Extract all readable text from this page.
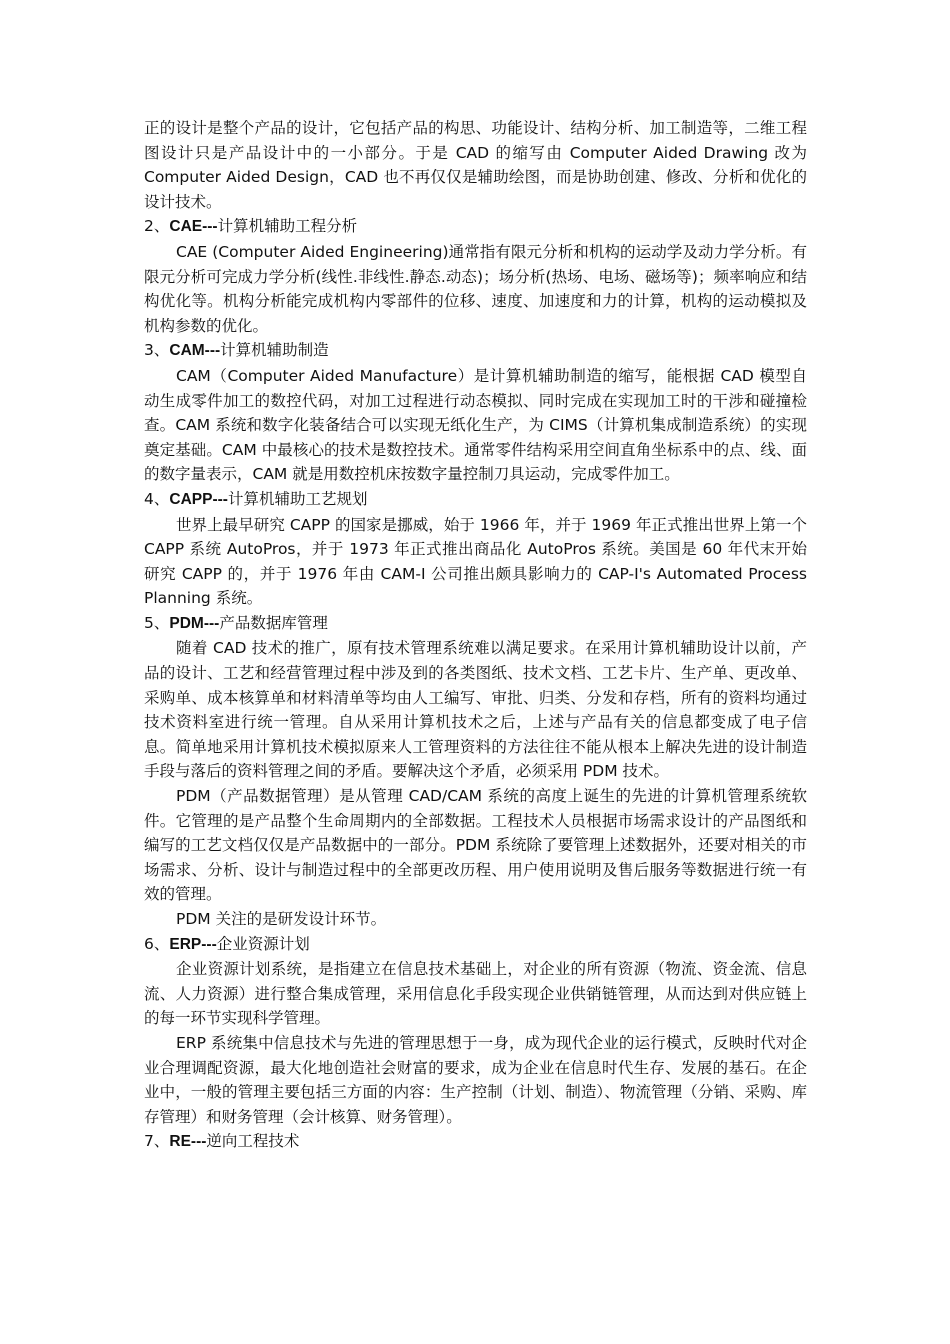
正的设计是整个产品的设计，它包括产品的构思、功能设计、结构分析、加工制造等，二维工程图设计只是产品设计中的一小部分。于是 CAD 的缩写由 Computer Aided Drawing 改为 Computer Aided Design，CAD 也不再仅仅是辅助绘图，而是协助创建、修改、分析和优化的设计技术。

2、CAE---计算机辅助工程分析

CAE (Computer Aided Engineering)通常指有限元分析和机构的运动学及动力学分析。有限元分析可完成力学分析(线性.非线性.静态.动态)；场分析(热场、电场、磁场等)；频率响应和结构优化等。机构分析能完成机构内零部件的位移、速度、加速度和力的计算，机构的运动模拟及机构参数的优化。

3、CAM---计算机辅助制造

CAM（Computer Aided Manufacture）是计算机辅助制造的缩写，能根据 CAD 模型自动生成零件加工的数控代码，对加工过程进行动态模拟、同时完成在实现加工时的干涉和碰撞检查。CAM 系统和数字化装备结合可以实现无纸化生产，为 CIMS（计算机集成制造系统）的实现奠定基础。CAM 中最核心的技术是数控技术。通常零件结构采用空间直角坐标系中的点、线、面的数字量表示，CAM 就是用数控机床按数字量控制刀具运动，完成零件加工。

4、CAPP---计算机辅助工艺规划

世界上最早研究 CAPP 的国家是挪威，始于 1966 年，并于 1969 年正式推出世界上第一个 CAPP 系统 AutoPros，并于 1973 年正式推出商品化 AutoPros 系统。美国是 60 年代末开始研究 CAPP 的，并于 1976 年由 CAM-I 公司推出颇具影响力的 CAP-I's Automated Process Planning 系统。

5、PDM---产品数据库管理

随着 CAD 技术的推广，原有技术管理系统难以满足要求。在采用计算机辅助设计以前，产品的设计、工艺和经营管理过程中涉及到的各类图纸、技术文档、工艺卡片、生产单、更改单、采购单、成本核算单和材料清单等均由人工编写、审批、归类、分发和存档，所有的资料均通过技术资料室进行统一管理。自从采用计算机技术之后，上述与产品有关的信息都变成了电子信息。简单地采用计算机技术模拟原来人工管理资料的方法往往不能从根本上解决先进的设计制造手段与落后的资料管理之间的矛盾。要解决这个矛盾，必须采用 PDM 技术。

PDM（产品数据管理）是从管理 CAD/CAM 系统的高度上诞生的先进的计算机管理系统软件。它管理的是产品整个生命周期内的全部数据。工程技术人员根据市场需求设计的产品图纸和编写的工艺文档仅仅是产品数据中的一部分。PDM 系统除了要管理上述数据外，还要对相关的市场需求、分析、设计与制造过程中的全部更改历程、用户使用说明及售后服务等数据进行统一有效的管理。

PDM 关注的是研发设计环节。

6、ERP---企业资源计划

企业资源计划系统，是指建立在信息技术基础上，对企业的所有资源（物流、资金流、信息流、人力资源）进行整合集成管理，采用信息化手段实现企业供销链管理，从而达到对供应链上的每一环节实现科学管理。

ERP 系统集中信息技术与先进的管理思想于一身，成为现代企业的运行模式，反映时代对企业合理调配资源，最大化地创造社会财富的要求，成为企业在信息时代生存、发展的基石。在企业中，一般的管理主要包括三方面的内容：生产控制（计划、制造）、物流管理（分销、采购、库存管理）和财务管理（会计核算、财务管理）。

7、RE---逆向工程技术
